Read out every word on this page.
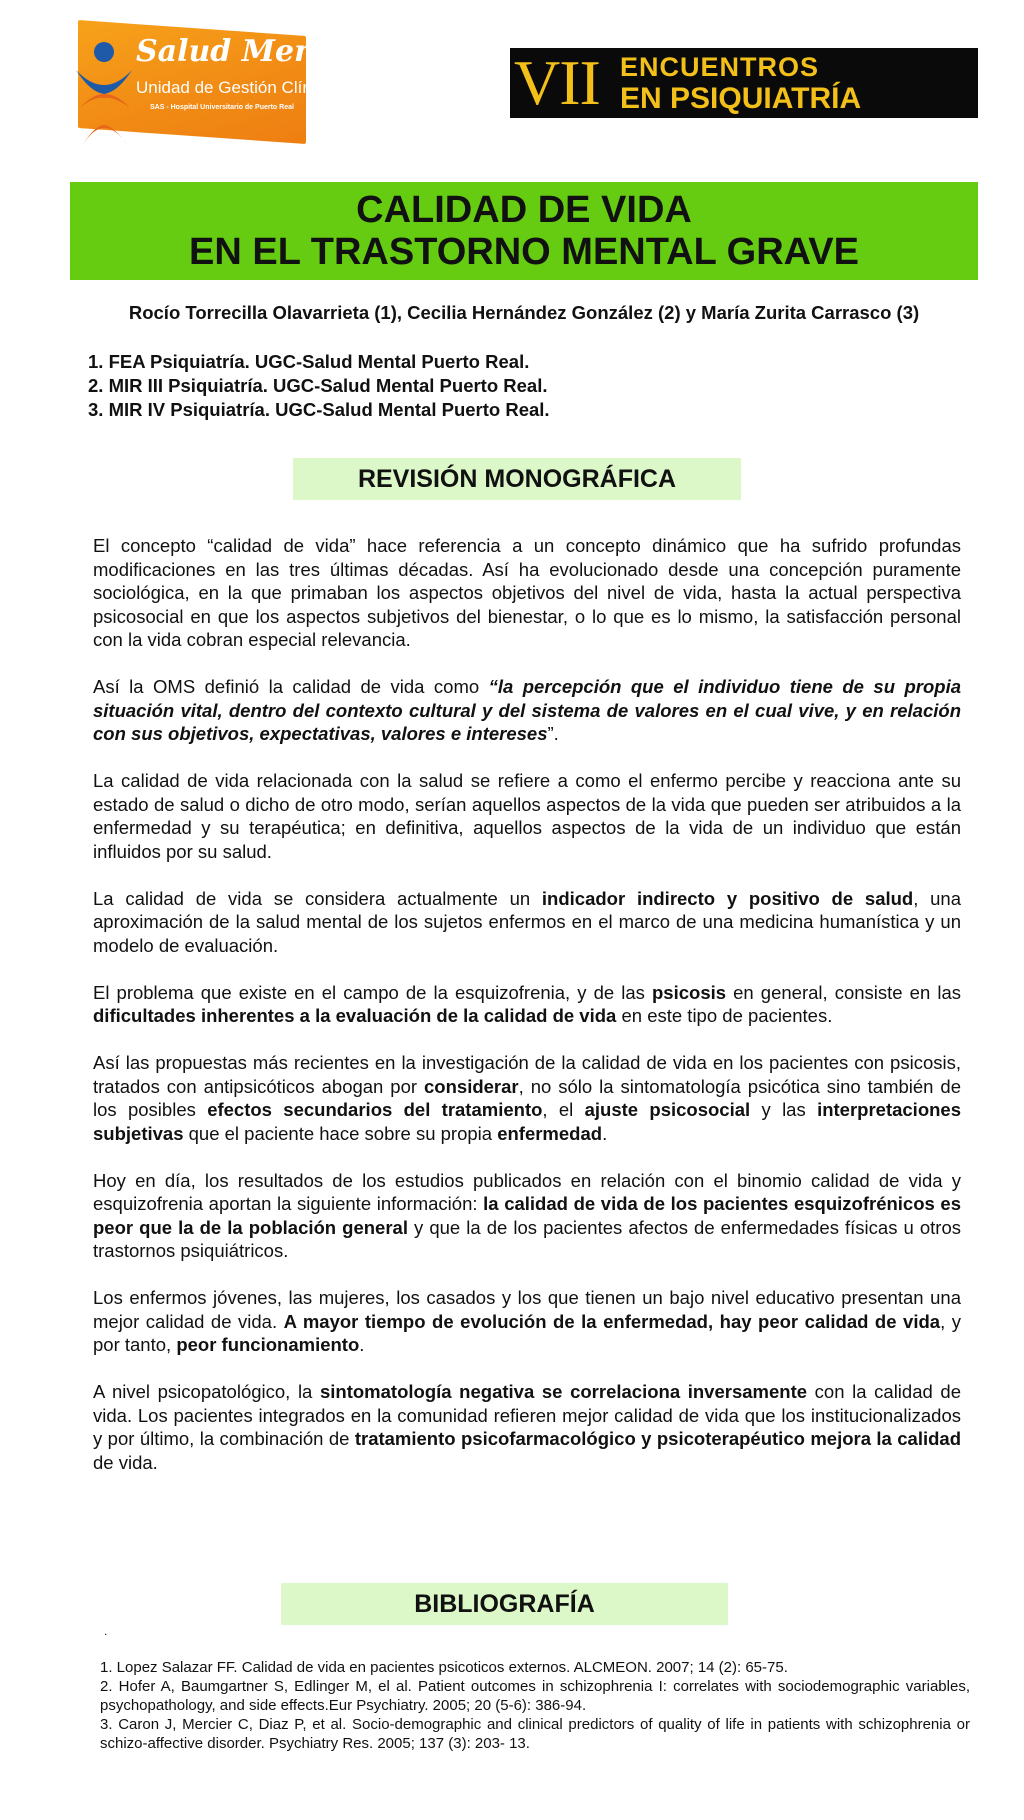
Salud Mental
Unidad de Gestión Clínica
SAS - Hospital Universitario de Puerto Real	VII ENCUENTROS
EN PSIQUIATRÍA
CALIDAD DE VIDA
EN EL TRASTORNO MENTAL GRAVE
Rocío Torrecilla Olavarrieta (1), Cecilia Hernández González (2) y María Zurita Carrasco (3)
1. FEA Psiquiatría. UGC-Salud Mental Puerto Real.
2. MIR III Psiquiatría. UGC-Salud Mental Puerto Real.
3. MIR IV Psiquiatría. UGC-Salud Mental Puerto Real.
REVISIÓN MONOGRÁFICA

El concepto “calidad de vida” hace referencia a un concepto dinámico que ha sufrido profundas modificaciones en las tres últimas décadas. Así ha evolucionado desde una concepción puramente sociológica, en la que primaban los aspectos objetivos del nivel de vida, hasta la actual perspectiva psicosocial en que los aspectos subjetivos del bienestar, o lo que es lo mismo, la satisfacción personal con la vida cobran especial relevancia.

Así la OMS definió la calidad de vida como “la percepción que el individuo tiene de su propia situación vital, dentro del contexto cultural y del sistema de valores en el cual vive, y en relación con sus objetivos, expectativas, valores e intereses”.

La calidad de vida relacionada con la salud se refiere a como el enfermo percibe y reacciona ante su estado de salud o dicho de otro modo, serían aquellos aspectos de la vida que pueden ser atribuidos a la enfermedad y su terapéutica; en definitiva, aquellos aspectos de la vida de un individuo que están influidos por su salud.

La calidad de vida se considera actualmente un indicador indirecto y positivo de salud, una aproximación de la salud mental de los sujetos enfermos en el marco de una medicina humanística y un modelo de evaluación.

El problema que existe en el campo de la esquizofrenia, y de las psicosis en general, consiste en las dificultades inherentes a la evaluación de la calidad de vida en este tipo de pacientes.

Así las propuestas más recientes en la investigación de la calidad de vida en los pacientes con psicosis, tratados con antipsicóticos abogan por considerar, no sólo la sintomatología psicótica sino también de los posibles efectos secundarios del tratamiento, el ajuste psicosocial y las interpretaciones subjetivas que el paciente hace sobre su propia enfermedad.

Hoy en día, los resultados de los estudios publicados en relación con el binomio calidad de vida y esquizofrenia aportan la siguiente información: la calidad de vida de los pacientes esquizofrénicos es peor que la de la población general y que la de los pacientes afectos de enfermedades físicas u otros trastornos psiquiátricos.

Los enfermos jóvenes, las mujeres, los casados y los que tienen un bajo nivel educativo presentan una mejor calidad de vida. A mayor tiempo de evolución de la enfermedad, hay peor calidad de vida, y por tanto, peor funcionamiento.

A nivel psicopatológico, la sintomatología negativa se correlaciona inversamente con la calidad de vida. Los pacientes integrados en la comunidad refieren mejor calidad de vida que los institucionalizados y por último, la combinación de tratamiento psicofarmacológico y psicoterapéutico mejora la calidad de vida.

BIBLIOGRAFÍA
.

1. Lopez Salazar FF. Calidad de vida en pacientes psicoticos externos. ALCMEON. 2007; 14 (2): 65-75.

2. Hofer A, Baumgartner S, Edlinger M, el al. Patient outcomes in schizophrenia I: correlates with sociodemographic variables, psychopathology, and side effects.Eur Psychiatry. 2005; 20 (5-6): 386-94.

3. Caron J, Mercier C, Diaz P, et al. Socio-demographic and clinical predictors of quality of life in patients with schizophrenia or schizo-affective disorder. Psychiatry Res. 2005; 137 (3): 203- 13.
